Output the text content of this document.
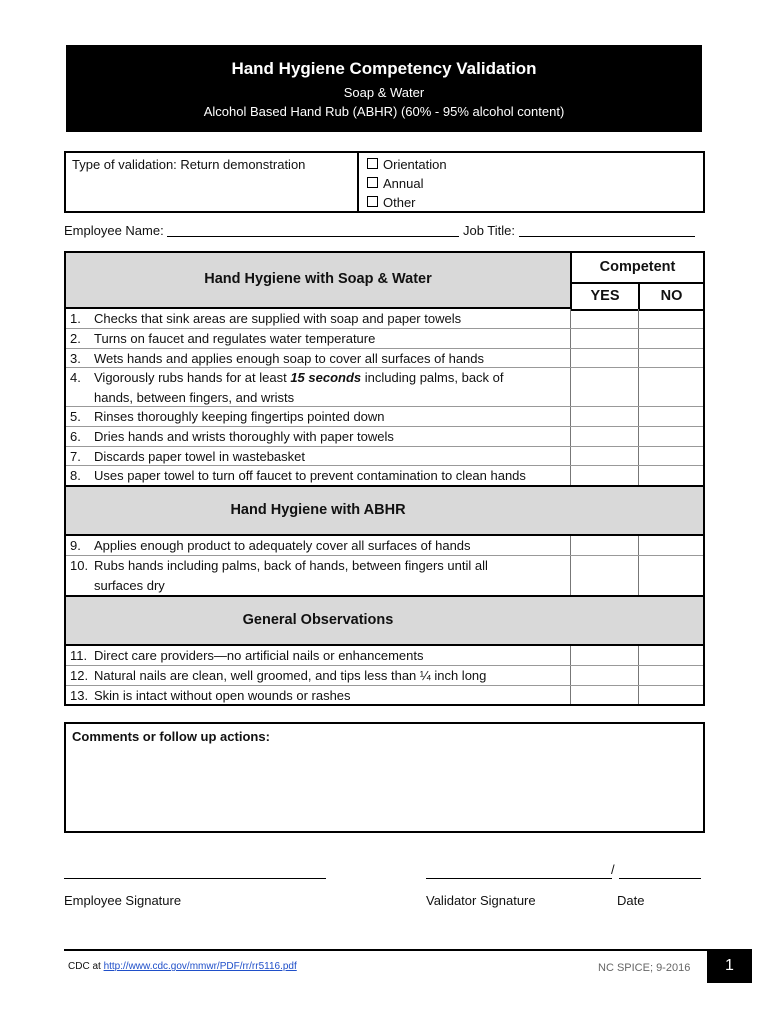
Hand Hygiene Competency Validation
Soap & Water
Alcohol Based Hand Rub (ABHR) (60% - 95% alcohol content)
Type of validation: Return demonstration	Orientation
Annual
Other
Employee Name:	Job Title:
Hand Hygiene with Soap & Water
Competent
YES	NO
1. Checks that sink areas are supplied with soap and paper towels
2. Turns on faucet and regulates water temperature
3. Wets hands and applies enough soap to cover all surfaces of hands
4. Vigorously rubs hands for at least 15 seconds including palms, back of
hands, between fingers, and wrists
5. Rinses thoroughly keeping fingertips pointed down
6. Dries hands and wrists thoroughly with paper towels
7. Discards paper towel in wastebasket
8. Uses paper towel to turn off faucet to prevent contamination to clean hands
Hand Hygiene with ABHR
9. Applies enough product to adequately cover all surfaces of hands
10. Rubs hands including palms, back of hands, between fingers until all
surfaces dry
General Observations
11. Direct care providers—no artificial nails or enhancements
12. Natural nails are clean, well groomed, and tips less than ¼ inch long
13. Skin is intact without open wounds or rashes
Comments or follow up actions:
/
Employee Signature	Validator Signature	Date
CDC at http://www.cdc.gov/mmwr/PDF/rr/rr5116.pdf	NC SPICE; 9-2016	1
